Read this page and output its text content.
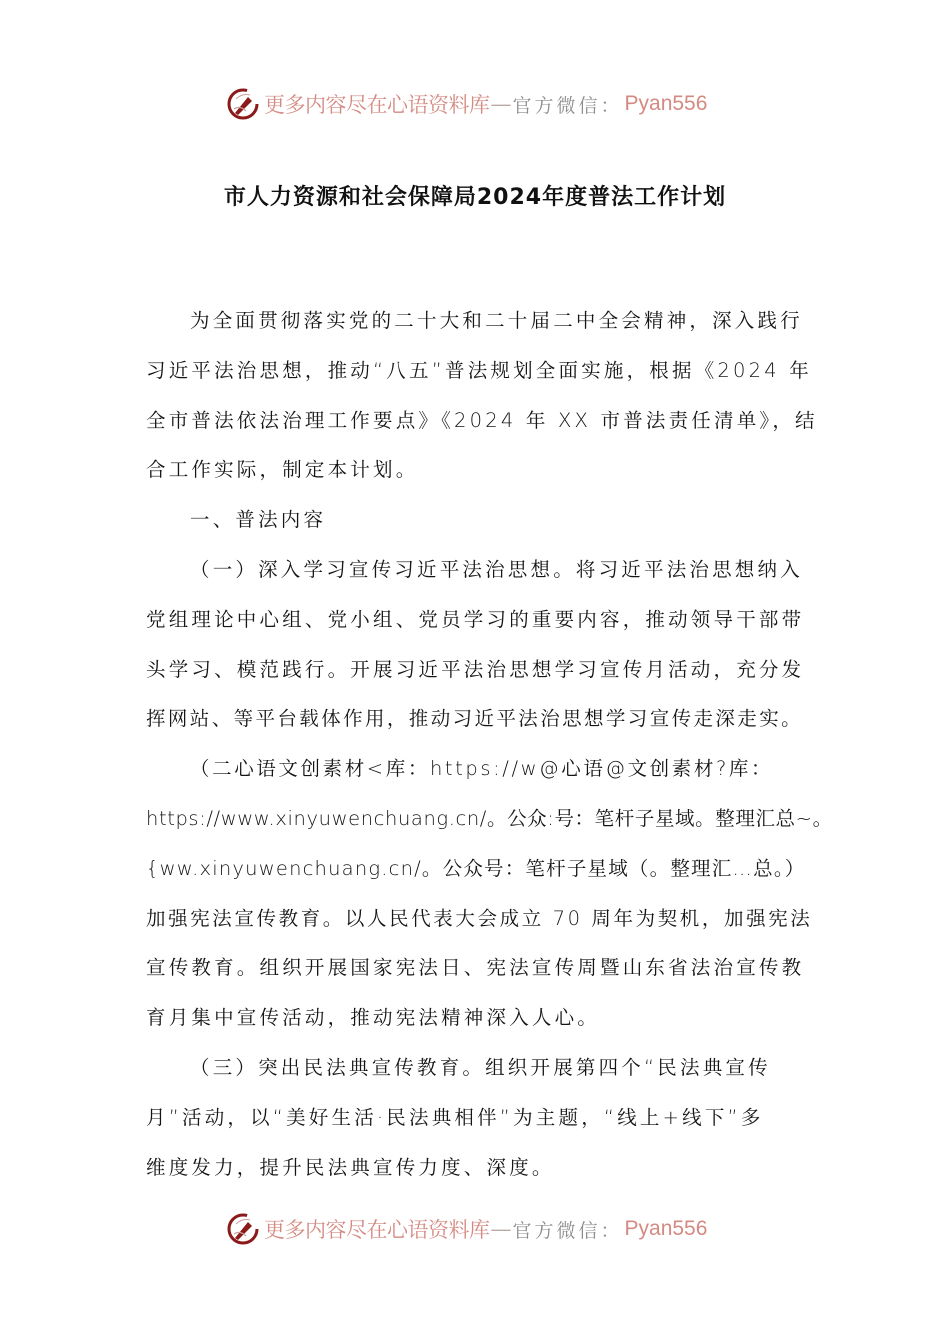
更多内容尽在心语资料库 — 官方微信： Pyan556
市人力资源和社会保障局2024年度普法工作计划

为全面贯彻落实党的二十大和二十届二中全会精神，深入践行
习近平法治思想，推动“八五”普法规划全面实施，根据《2024 年
全市普法依法治理工作要点》《2024 年 XX 市普法责任清单》，结
合工作实际，制定本计划。

一、普法内容

（一）深入学习宣传习近平法治思想。将习近平法治思想纳入
党组理论中心组、党小组、党员学习的重要内容，推动领导干部带
头学习、模范践行。开展习近平法治思想学习宣传月活动，充分发
挥网站、等平台载体作用，推动习近平法治思想学习宣传走深走实。

（二心语文创素材<库：https://w@心语@文创素材?库：
https://www.xinyuwenchuang.cn/。公众:号：笔杆子星域。整理汇总~。
{ww.xinyuwenchuang.cn/。公众号：笔杆子星域（。整理汇…总。）
加强宪法宣传教育。以人民代表大会成立 70 周年为契机，加强宪法
宣传教育。组织开展国家宪法日、宪法宣传周暨山东省法治宣传教
育月集中宣传活动，推动宪法精神深入人心。

（三）突出民法典宣传教育。组织开展第四个“民法典宣传
月”活动，以“美好生活·民法典相伴”为主题，“线上+线下”多
维度发力，提升民法典宣传力度、深度。

更多内容尽在心语资料库 — 官方微信： Pyan556
